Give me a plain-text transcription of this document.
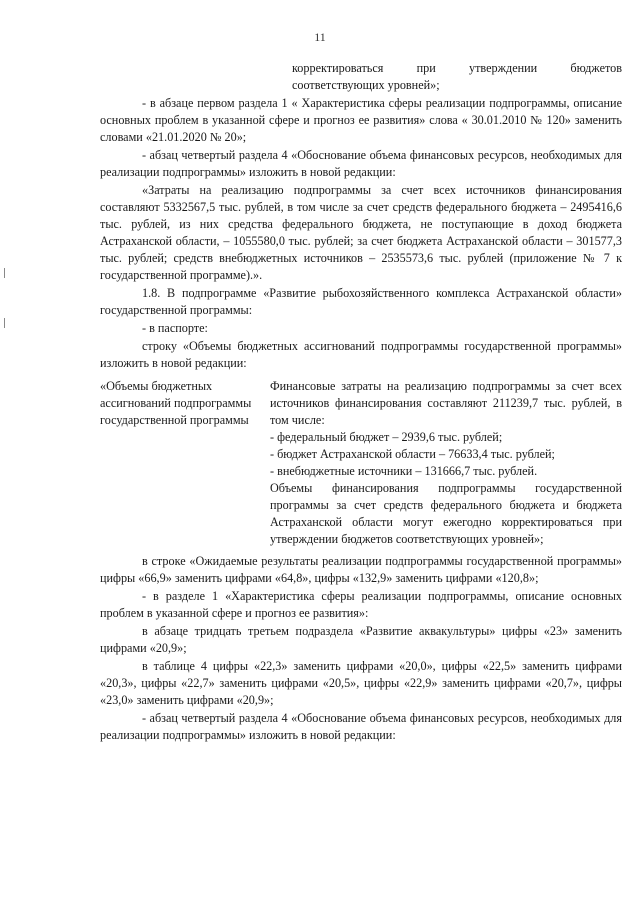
11
корректироваться при утверждении бюджетов соответствующих уровней»;
- в абзаце первом раздела 1 « Характеристика сферы реализации подпрограммы, описание основных проблем в указанной сфере и прогноз ее развития» слова « 30.01.2010 № 120» заменить словами «21.01.2020 № 20»;
- абзац четвертый раздела 4 «Обоснование объема финансовых ресурсов, необходимых для реализации подпрограммы» изложить в новой редакции:
«Затраты на реализацию подпрограммы за счет всех источников финансирования составляют 5332567,5 тыс. рублей, в том числе за счет средств федерального бюджета – 2495416,6 тыс. рублей, из них средства федерального бюджета, не поступающие в доход бюджета Астраханской области, – 1055580,0 тыс. рублей; за счет бюджета Астраханской области – 301577,3 тыс. рублей; средств внебюджетных источников – 2535573,6 тыс. рублей (приложение № 7 к государственной программе).».
1.8. В подпрограмме «Развитие рыбохозяйственного комплекса Астраханской области» государственной программы:
- в паспорте:
строку «Объемы бюджетных ассигнований подпрограммы государственной программы» изложить в новой редакции:
«Объемы бюджетных ассигнований подпрограммы государственной программы
Финансовые затраты на реализацию подпрограммы за счет всех источников финансирования составляют 211239,7 тыс. рублей, в том числе:
- федеральный бюджет – 2939,6 тыс. рублей;
- бюджет Астраханской области – 76633,4 тыс. рублей;
- внебюджетные источники – 131666,7 тыс. рублей.
Объемы финансирования подпрограммы государственной программы за счет средств федерального бюджета и бюджета Астраханской области могут ежегодно корректироваться при утверждении бюджетов соответствующих уровней»;
в строке «Ожидаемые результаты реализации подпрограммы государственной программы» цифры «66,9» заменить цифрами «64,8», цифры «132,9» заменить цифрами «120,8»;
- в разделе 1 «Характеристика сферы реализации подпрограммы, описание основных проблем в указанной сфере и прогноз ее развития»:
в абзаце тридцать третьем подраздела «Развитие аквакультуры» цифры «23» заменить цифрами «20,9»;
в таблице 4 цифры «22,3» заменить цифрами «20,0», цифры «22,5» заменить цифрами «20,3», цифры «22,7» заменить цифрами «20,5», цифры «22,9» заменить цифрами «20,7», цифры «23,0» заменить цифрами «20,9»;
- абзац четвертый раздела 4 «Обоснование объема финансовых ресурсов, необходимых для реализации подпрограммы» изложить в новой редакции:
